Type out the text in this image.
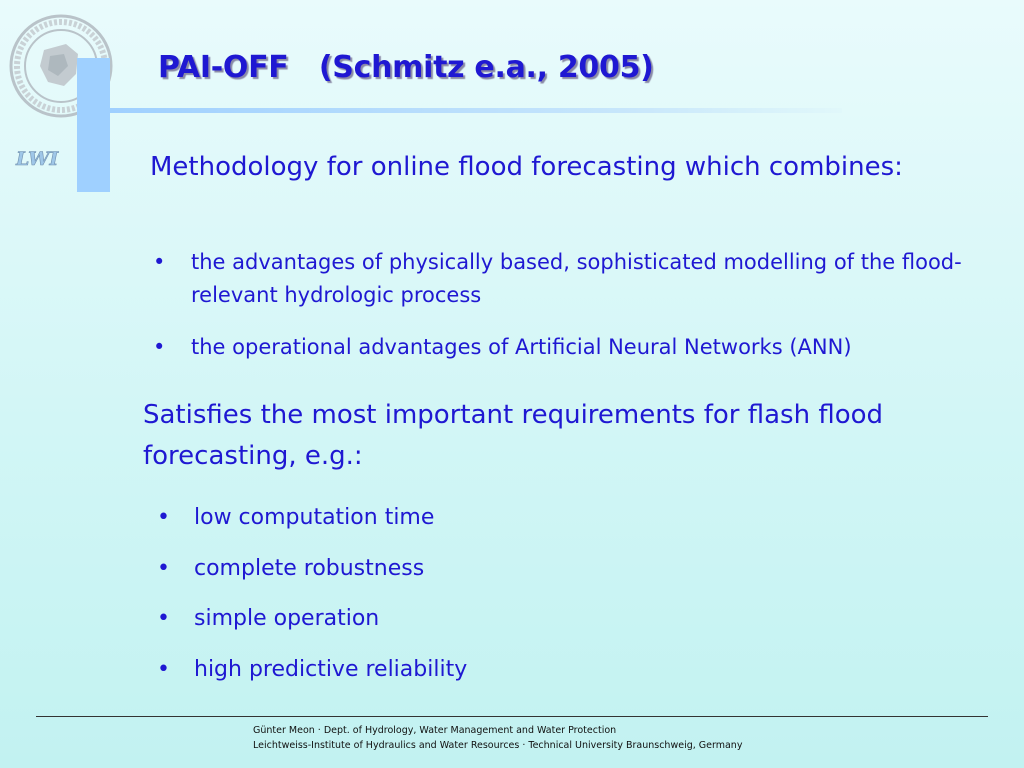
LWI
PAI-OFF   (Schmitz e.a., 2005)
Methodology for online flood forecasting which combines:
• the advantages of physically based, sophisticated modelling of the flood-relevant hydrologic process
• the operational advantages of Artificial Neural Networks (ANN)
Satisfies the most important requirements for flash flood forecasting, e.g.:
• low computation time
• complete robustness
• simple operation
• high predictive reliability
Günter Meon · Dept. of Hydrology, Water Management and Water Protection
Leichtweiss-Institute of Hydraulics and Water Resources · Technical University Braunschweig, Germany
